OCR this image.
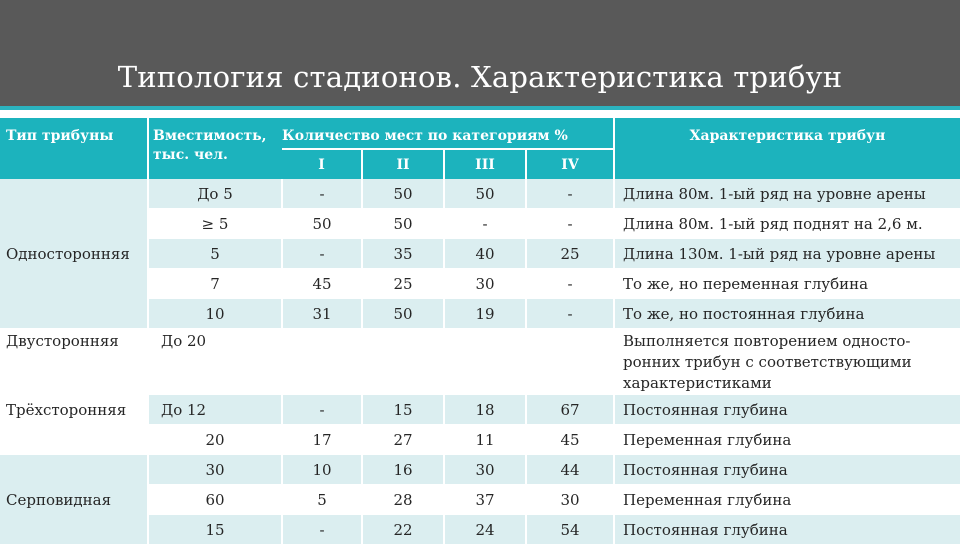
Типология стадионов. Характеристика трибун
Тип трибуны	Вместимость, тыс. чел.	Количество мест по категориям %				Характеристика трибун
		I	II	III	IV	
Односторонняя	До 5	-	50	50	-	Длина 80м. 1-ый ряд на уровне арены
	≥ 5	50	50	-	-	Длина 80м. 1-ый ряд поднят на 2,6 м.
	5	-	35	40	25	Длина 130м. 1-ый ряд на уровне арены
	7	45	25	30	-	То же, но переменная глубина
	10	31	50	19	-	То же, но постоянная глубина
Двусторонняя	До 20					Выполняется повторением односто-ронних трибун с соответствующими характеристиками
Трёхсторонняя	До 12	-	15	18	67	Постоянная глубина
	20	17	27	11	45	Переменная глубина
Серповидная	30	10	16	30	44	Постоянная глубина
	60	5	28	37	30	Переменная глубина
	15	-	22	24	54	Постоянная глубина
